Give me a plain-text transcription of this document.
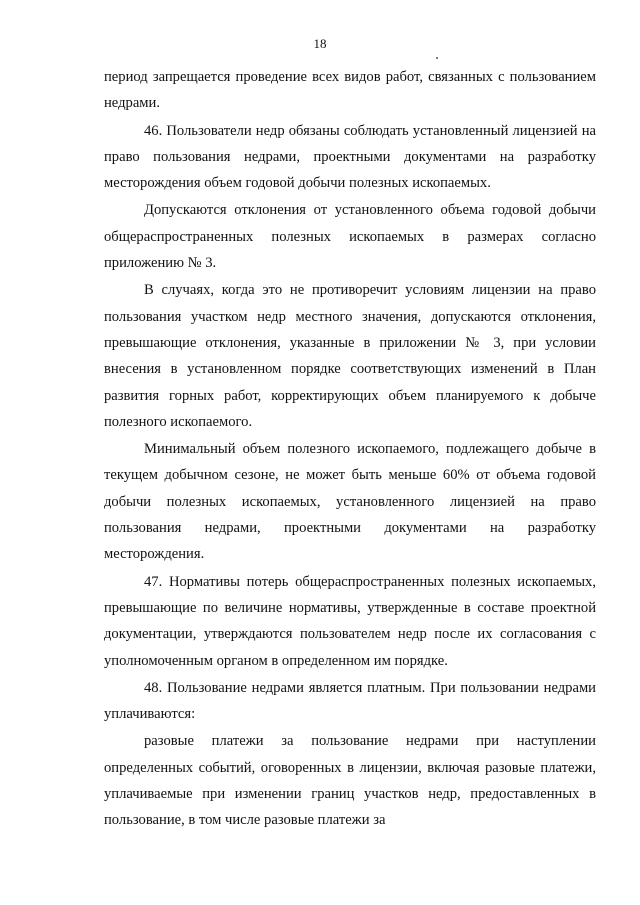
18

период запрещается проведение всех видов работ, связанных с пользованием недрами.

46. Пользователи недр обязаны соблюдать установленный лицензией на право пользования недрами, проектными документами на разработку месторождения объем годовой добычи полезных ископаемых.

Допускаются отклонения от установленного объема годовой добычи общераспространенных полезных ископаемых в размерах согласно приложению № 3.

В случаях, когда это не противоречит условиям лицензии на право пользования участком недр местного значения, допускаются отклонения, превышающие отклонения, указанные в приложении № 3, при условии внесения в установленном порядке соответствующих изменений в План развития горных работ, корректирующих объем планируемого к добыче полезного ископаемого.

Минимальный объем полезного ископаемого, подлежащего добыче в текущем добычном сезоне, не может быть меньше 60% от объема годовой добычи полезных ископаемых, установленного лицензией на право пользования недрами, проектными документами на разработку месторождения.

47. Нормативы потерь общераспространенных полезных ископаемых, превышающие по величине нормативы, утвержденные в составе проектной документации, утверждаются пользователем недр после их согласования с уполномоченным органом в определенном им порядке.

48. Пользование недрами является платным. При пользовании недрами уплачиваются:

разовые платежи за пользование недрами при наступлении определенных событий, оговоренных в лицензии, включая разовые платежи, уплачиваемые при изменении границ участков недр, предоставленных в пользование, в том числе разовые платежи за
